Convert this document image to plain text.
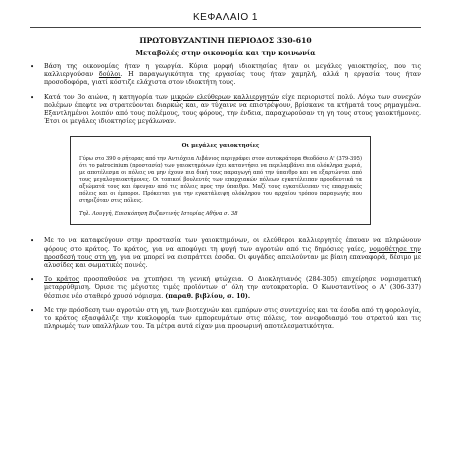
ΚΕΦΑΛΑΙΟ 1
ΠΡΩΤΟΒΥΖΑΝΤΙΝΗ ΠΕΡΙΟΔΟΣ 330-610
Μεταβολές στην οικονομία και την κοινωνία
• Βάση της οικονομίας ήταν η γεωργία. Κύρια μορφή ιδιοκτησίας ήταν οι μεγάλες γαιοκτησίες, που τις καλλιεργούσαν δούλοι. Η παραγωγικότητα της εργασίας τους ήταν χαμηλή, αλλά η εργασία τους ήταν προσοδοφόρα, γιατί κόστιζε ελάχιστα στον ιδιοκτήτη τους.
• Κατά τον 3ο αιώνα, η κατηγορία των μικρών ελεύθερων καλλιεργητών είχε περιοριστεί πολύ. Λόγω των συνεχών πολέμων έπεφτε να στρατεύονται διαρκώς και, αν τύχαινε να επιστρέψουν, βρίσκανε τα κτήματά τους ρημαγμένα. Εξαντλημένοι λοιπόν από τους πολέμους, τους φόρους, την ένδεια, παραχωρούσαν τη γη τους στους γαιοκτήμονες. Έτσι οι μεγάλες ιδιοκτησίες μεγάλωναν.
Οι μεγάλες γαιοκτησίες
Γύρω στο 390 ο ρήτορας από την Αντιόχεια Λιβάνιος περιγράφει στον αυτοκράτορα Θεοδόσιο Α' (379-395) ότι το patrocinium (προστασία) των γαιοκτημόνων έχει καταντήσει να περιλαμβάνει πια ολόκληρα χωριά, με αποτέλεσμα οι πόλεις να μην έχουν πια δική τους παραγωγή από την ύπαιθρο και να εξαρτώνται από τους μεγαλογαιοκτήμονες. Οι τοπικοί βουλευτές των επαρχιακών πόλεων εγκατέλειπαν προοδευτικά τα αξιώματά τους και έφευγαν από τις πόλεις προς την ύπαιθρο. Μαζί τους εγκατέλειπαν τις επαρχιακές πόλεις και οι έμποροι. Πρόκειται για την εγκατάλειψη ολόκληρου του αρχαίου τρόπου παραγωγής που στηριζόταν στις πόλεις.
Τηλ. Λουγγή, Επισκόπηση Βυζαντινής Ιστορίας Αθήνα σ. 38
• Με το να καταφεύγουν στην προστασία των γαιοκτημόνων, οι ελεύθεροι καλλιεργητές έπαυαν να πληρώνουν φόρους στο κράτος. Το κράτος, για να αποφύγει τη φυγή των αγροτών από τις δημόσιες γαίες, νομοθέτησε την προσδεσή τους στη γη, για να μπορεί να εισπράττει έσοδα. Οι φυγάδες απειλούνταν με βίαιη επαναφορά, δέσιμο με αλυσίδες και σωματικές ποινές.
• Το κράτος προσπαθούσε να χτυπήσει τη γενική φτώχεια. Ο Διοκλητιανός (284-305) επιχείρησε νομισματική μεταρρύθμιση. Όρισε τις μέγιστες τιμές προϊόντων σ' όλη την αυτοκρατορία. Ο Κωνσταντίνος ο Α' (306-337) θέσπισε νέο σταθερό χρυσό νόμισμα. (παραθ. βιβλίου, σ. 10).
• Με την πρόσδεση των αγροτών στη γη, των βιοτεχνών και εμπόρων στις συντεχνίες και τα έσοδα από τη φορολογία, το κράτος εξασφάλιζε την κυκλοφορία των εμπορευμάτων στις πόλεις, τον ανεφοδιασμό του στρατού και τις πληρωμές των υπαλλήλων του. Τα μέτρα αυτά είχαν μια προσωρινή αποτελεσματικότητα.
